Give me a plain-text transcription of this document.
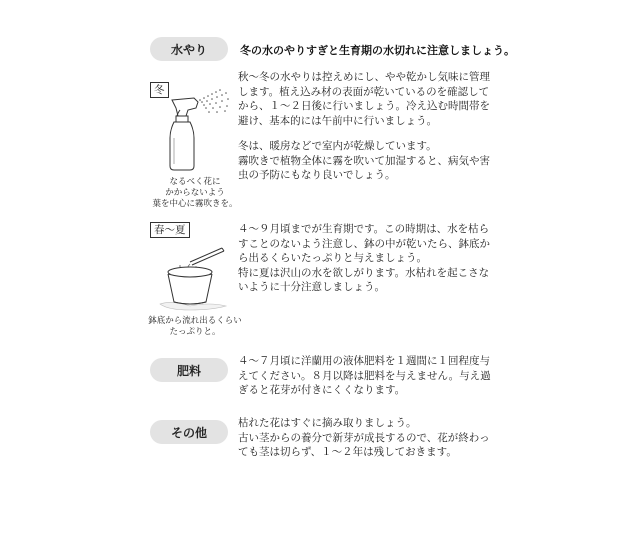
水やり	冬の水のやりすぎと生育期の水切れに注意しましょう。
冬
なるべく花に
かからないよう
葉を中心に霧吹きを。
秋〜冬の水やりは控えめにし、やや乾かし気味に管理
します。植え込み材の表面が乾いているのを確認して
から、１〜２日後に行いましょう。冷え込む時間帯を
避け、基本的には午前中に行いましょう。
冬は、暖房などで室内が乾燥しています。
霧吹きで植物全体に霧を吹いて加湿すると、病気や害
虫の予防にもなり良いでしょう。
春〜夏
鉢底から流れ出るくらい
たっぷりと。
４〜９月頃までが生育期です。この時期は、水を枯ら
すことのないよう注意し、鉢の中が乾いたら、鉢底か
ら出るくらいたっぷりと与えましょう。
特に夏は沢山の水を欲しがります。水枯れを起こさな
いように十分注意しましょう。
肥料
４〜７月頃に洋蘭用の液体肥料を１週間に１回程度与
えてください。８月以降は肥料を与えません。与え過
ぎると花芽が付きにくくなります。
その他
枯れた花はすぐに摘み取りましょう。
古い茎からの養分で新芽が成長するので、花が終わっ
ても茎は切らず、１〜２年は残しておきます。
